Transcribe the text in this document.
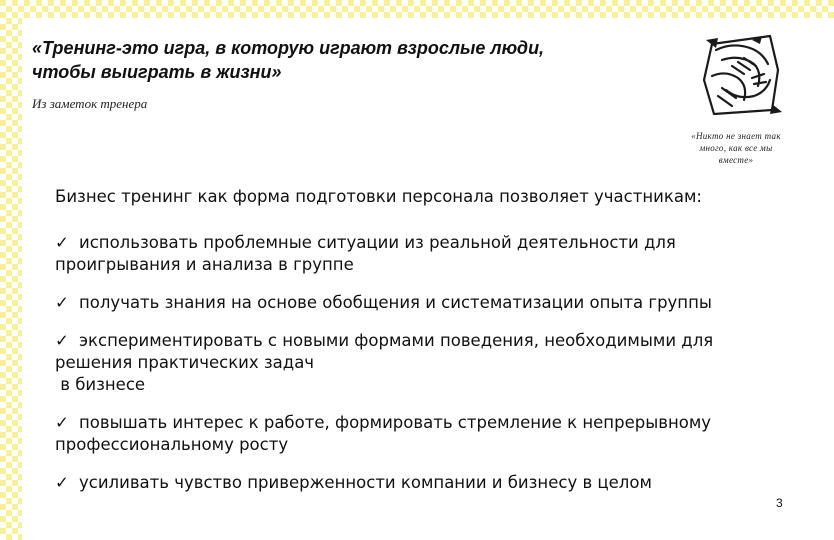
«Тренинг-это игра, в которую играют взрослые люди,
чтобы выиграть в жизни»
Из заметок тренера
«Никто не знает так
много, как все мы
вместе»
Бизнес тренинг как форма подготовки персонала позволяет участникам:
✓ использовать проблемные ситуации из реальной деятельности для
проигрывания и анализа в группе
✓ получать знания на основе обобщения и систематизации опыта группы
✓ экспериментировать с новыми формами поведения, необходимыми для
решения практических задач
в бизнесе
✓ повышать интерес к работе, формировать стремление к непрерывному
профессиональному росту
✓ усиливать чувство приверженности компании и бизнесу в целом
3
